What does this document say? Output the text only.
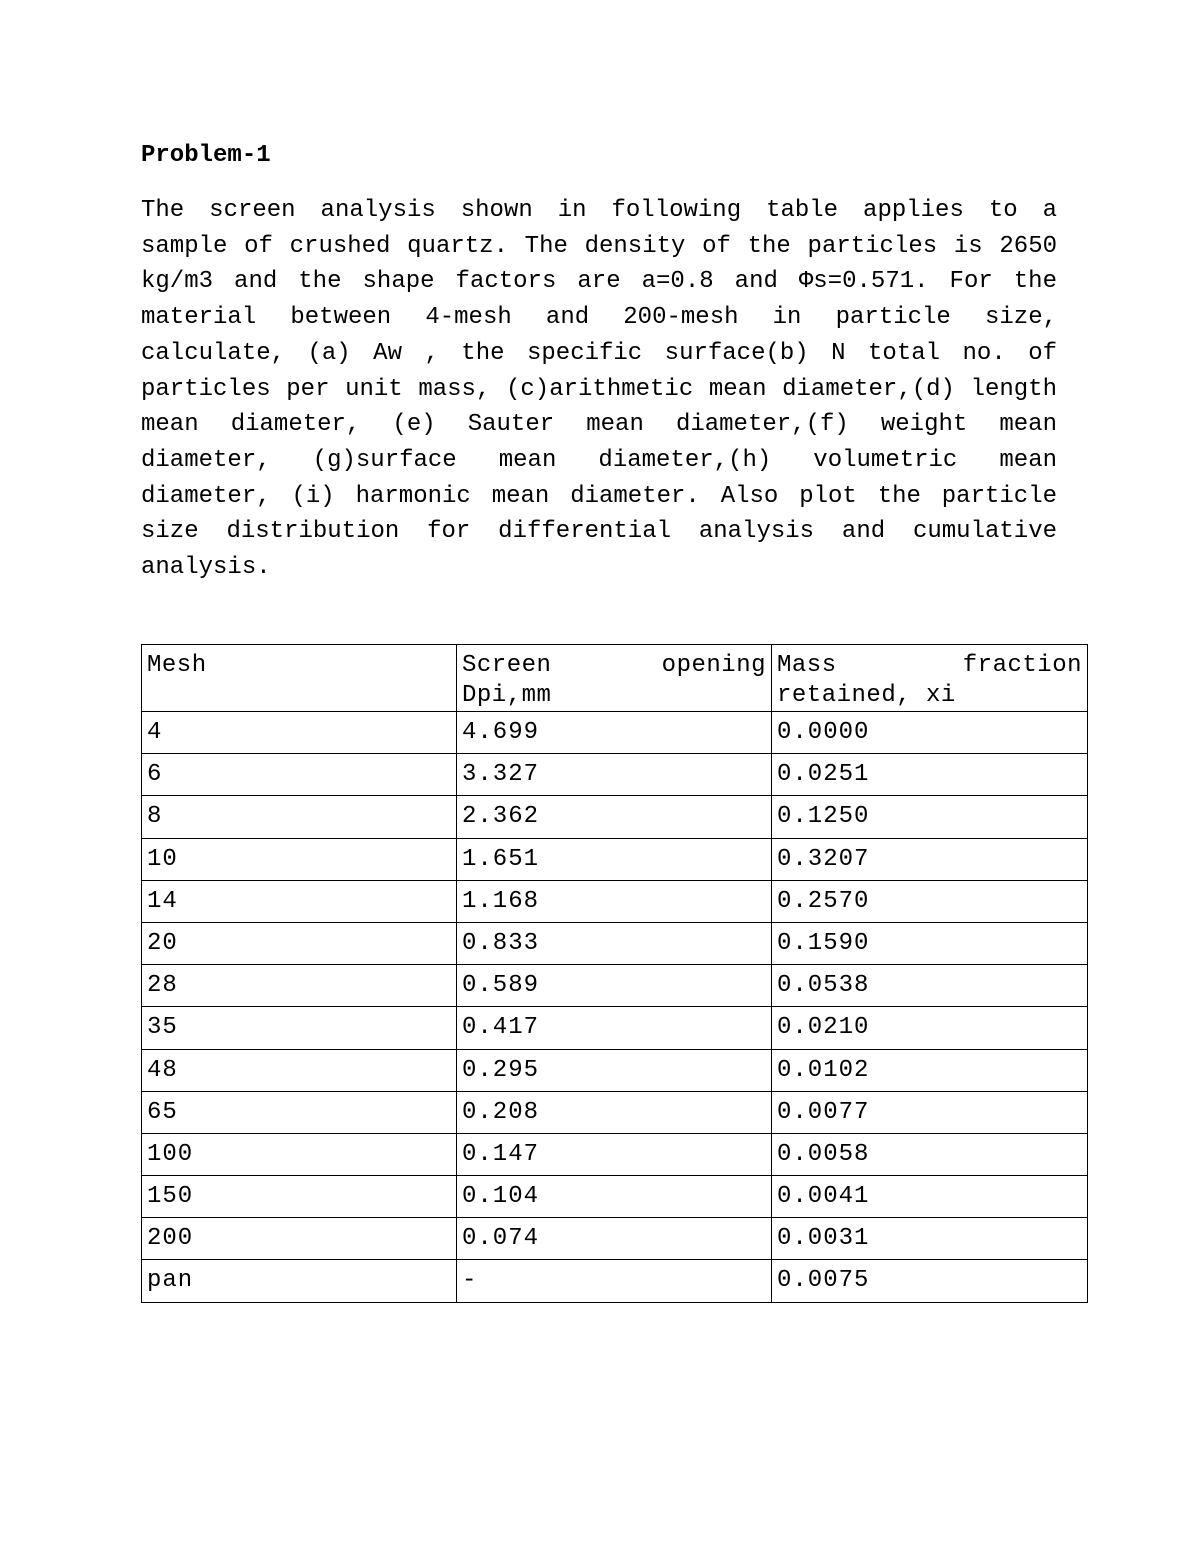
Problem-1

The screen analysis shown in following table applies to a sample of crushed quartz. The density of the particles is 2650 kg/m3 and the shape factors are a=0.8 and Φs=0.571. For the material between 4-mesh and 200-mesh in particle size, calculate, (a) Aw , the specific surface(b) N total no. of particles per unit mass, (c)arithmetic mean diameter,(d) length mean diameter, (e) Sauter mean diameter,(f) weight mean diameter, (g)surface mean diameter,(h) volumetric mean diameter, (i) harmonic mean diameter. Also plot the particle size distribution for differential analysis and cumulative analysis.

Mesh	Screen opening Dpi,mm	Mass fraction retained, xi
4	4.699	0.0000
6	3.327	0.0251
8	2.362	0.1250
10	1.651	0.3207
14	1.168	0.2570
20	0.833	0.1590
28	0.589	0.0538
35	0.417	0.0210
48	0.295	0.0102
65	0.208	0.0077
100	0.147	0.0058
150	0.104	0.0041
200	0.074	0.0031
pan	-	0.0075
